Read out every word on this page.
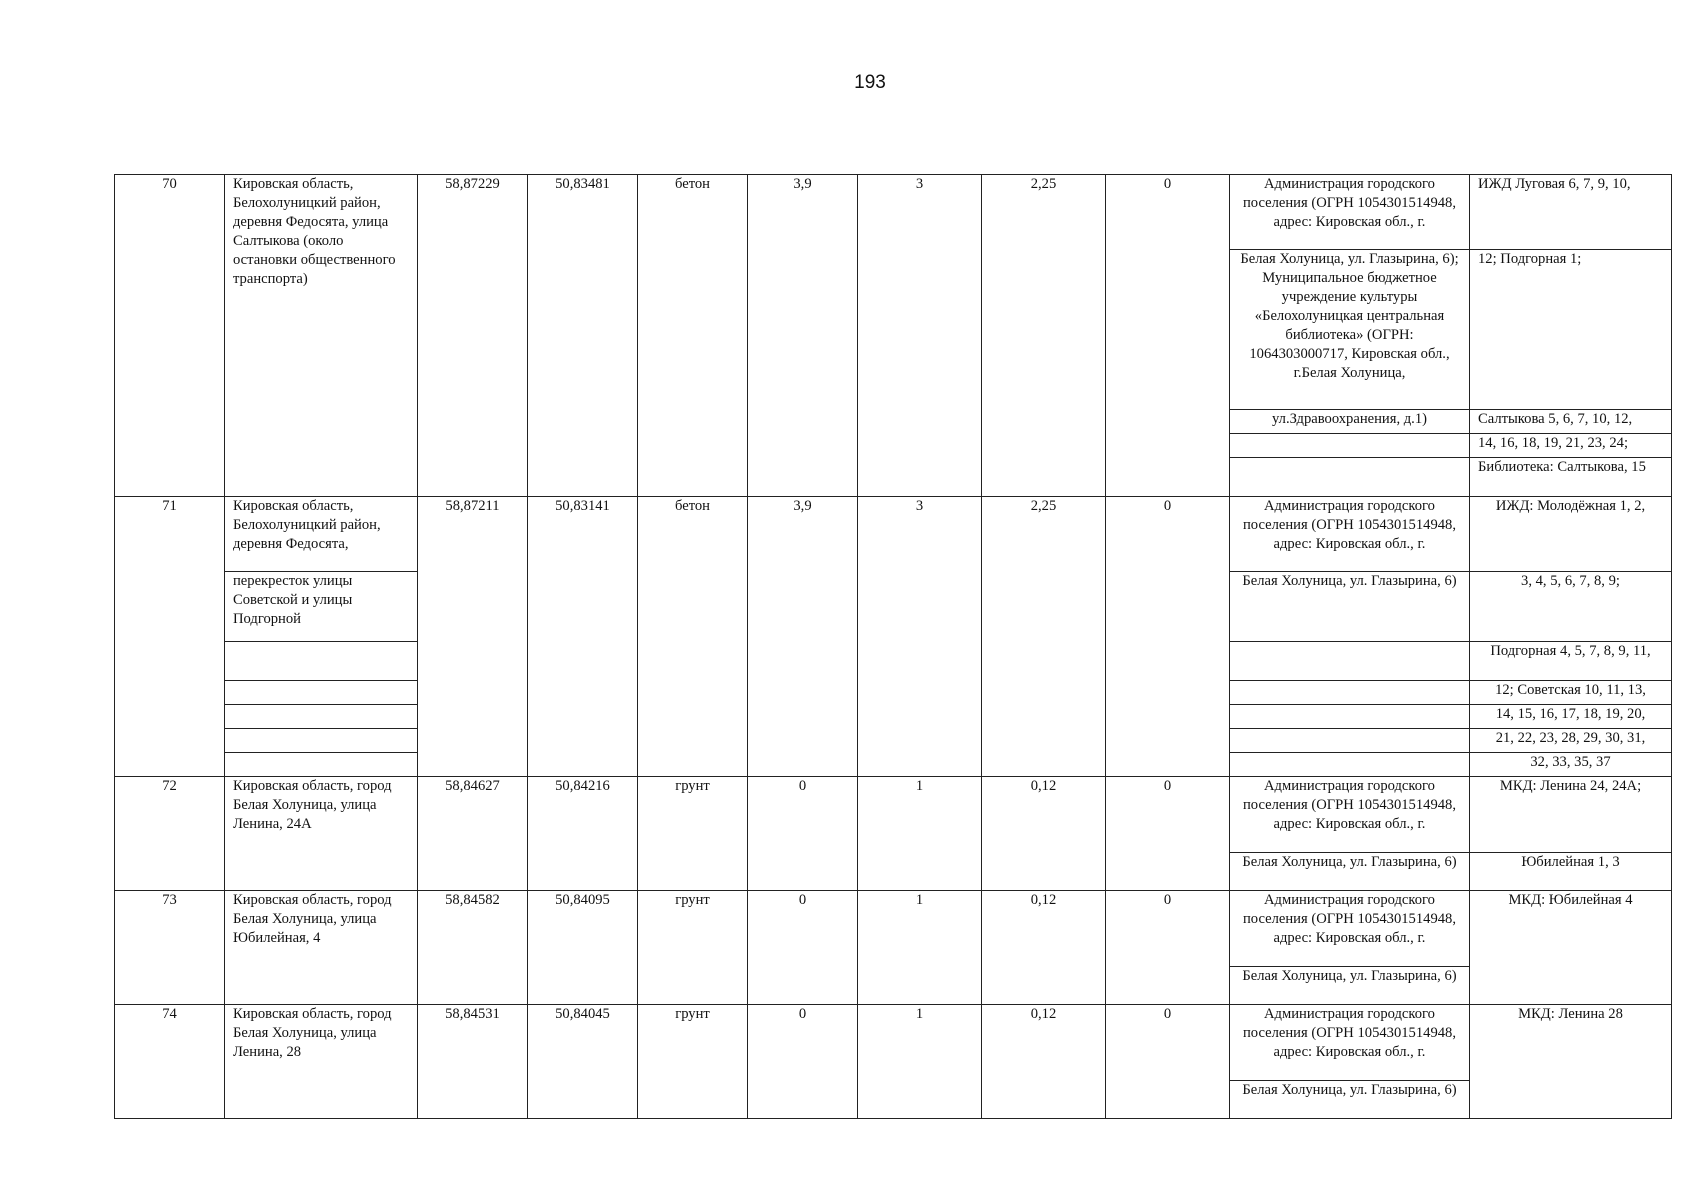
193
70	Кировская область, Белохолуницкий район, деревня Федосята, улица Салтыкова (около остановки общественного транспорта)	58,87229	50,83481	бетон	3,9	3	2,25	0	Администрация городского поселения (ОГРН 1054301514948, адрес: Кировская обл., г.	ИЖД Луговая 6, 7, 9, 10,
									Белая Холуница, ул. Глазырина, 6); Муниципальное бюджетное учреждение культуры «Белохолуницкая центральная библиотека» (ОГРН: 1064303000717, Кировская обл., г.Белая Холуница,	12; Подгорная 1;
									ул.Здравоохранения, д.1)	Салтыкова 5, 6, 7, 10, 12,
										14, 16, 18, 19, 21, 23, 24;
										Библиотека: Салтыкова, 15
71	Кировская область, Белохолуницкий район, деревня Федосята,	58,87211	50,83141	бетон	3,9	3	2,25	0	Администрация городского поселения (ОГРН 1054301514948, адрес: Кировская обл., г.	ИЖД: Молодёжная 1, 2,
	перекресток улицы Советской и улицы Подгорной								Белая Холуница, ул. Глазырина, 6)	3, 4, 5, 6, 7, 8, 9;
										Подгорная 4, 5, 7, 8, 9, 11,
										12; Советская 10, 11, 13,
										14, 15, 16, 17, 18, 19, 20,
										21, 22, 23, 28, 29, 30, 31,
										32, 33, 35, 37
72	Кировская область, город Белая Холуница, улица Ленина, 24А	58,84627	50,84216	грунт	0	1	0,12	0	Администрация городского поселения (ОГРН 1054301514948, адрес: Кировская обл., г.	МКД: Ленина 24, 24А;
									Белая Холуница, ул. Глазырина, 6)	Юбилейная 1, 3
73	Кировская область, город Белая Холуница, улица Юбилейная, 4	58,84582	50,84095	грунт	0	1	0,12	0	Администрация городского поселения (ОГРН 1054301514948, адрес: Кировская обл., г.	МКД: Юбилейная 4
									Белая Холуница, ул. Глазырина, 6)	
74	Кировская область, город Белая Холуница, улица Ленина, 28	58,84531	50,84045	грунт	0	1	0,12	0	Администрация городского поселения (ОГРН 1054301514948, адрес: Кировская обл., г.	МКД: Ленина 28
									Белая Холуница, ул. Глазырина, 6)	
